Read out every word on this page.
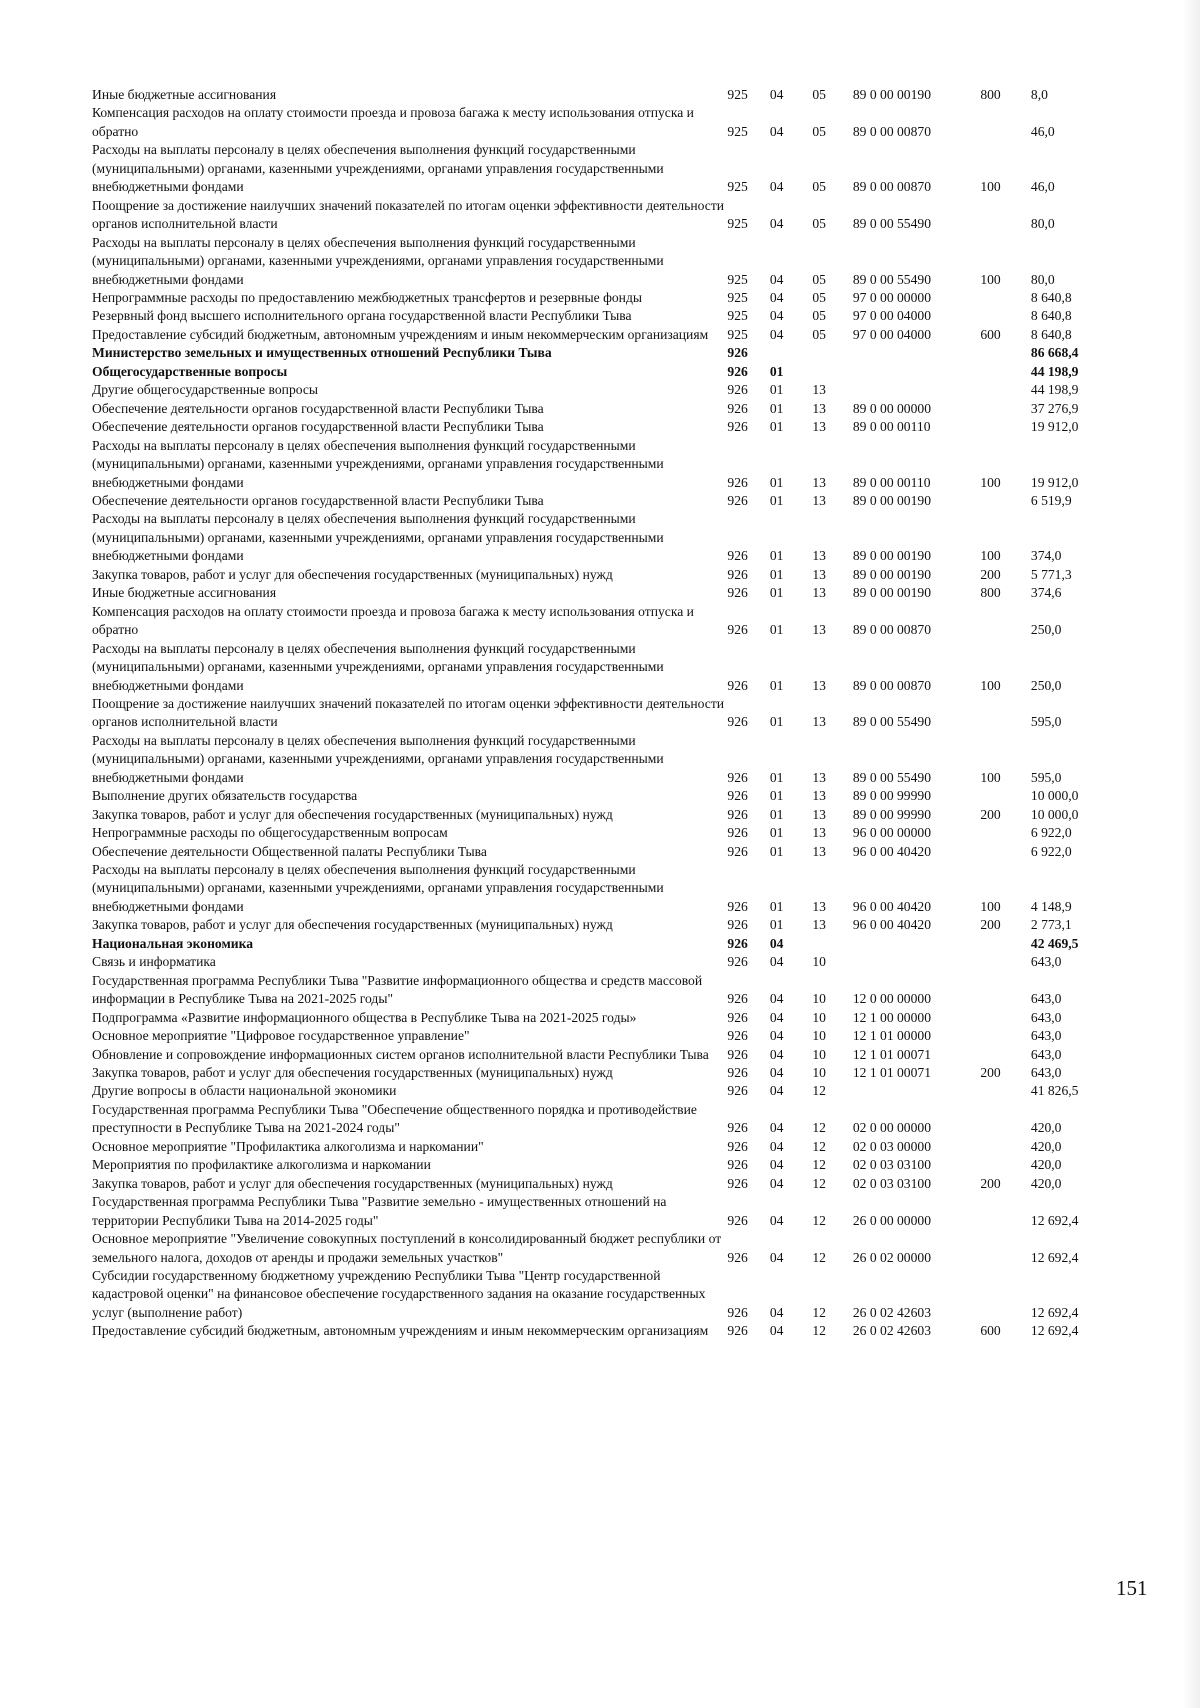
Иные бюджетные ассигнования	925	04	05	89 0 00 00190	800	8,0
Компенсация расходов на оплату стоимости проезда и провоза багажа к месту использования отпуска и обратно	925	04	05	89 0 00 00870		46,0
Расходы на выплаты персоналу в целях обеспечения выполнения функций государственными (муниципальными) органами, казенными учреждениями, органами управления государственными внебюджетными фондами	925	04	05	89 0 00 00870	100	46,0
Поощрение за достижение наилучших значений показателей по итогам оценки эффективности деятельности органов исполнительной власти	925	04	05	89 0 00 55490		80,0
Расходы на выплаты персоналу в целях обеспечения выполнения функций государственными (муниципальными) органами, казенными учреждениями, органами управления государственными внебюджетными фондами	925	04	05	89 0 00 55490	100	80,0
Непрограммные расходы по предоставлению межбюджетных трансфертов и резервные фонды	925	04	05	97 0 00 00000		8 640,8
Резервный фонд высшего исполнительного органа государственной власти Республики Тыва	925	04	05	97 0 00 04000		8 640,8
Предоставление субсидий бюджетным, автономным учреждениям и иным некоммерческим организациям	925	04	05	97 0 00 04000	600	8 640,8
Министерство земельных и имущественных отношений Республики Тыва	926					86 668,4
Общегосударственные вопросы	926	01				44 198,9
Другие общегосударственные вопросы	926	01	13			44 198,9
Обеспечение деятельности органов государственной власти Республики Тыва	926	01	13	89 0 00 00000		37 276,9
Обеспечение деятельности органов государственной власти Республики Тыва	926	01	13	89 0 00 00110		19 912,0
Расходы на выплаты персоналу в целях обеспечения выполнения функций государственными (муниципальными) органами, казенными учреждениями, органами управления государственными внебюджетными фондами	926	01	13	89 0 00 00110	100	19 912,0
Обеспечение деятельности органов государственной власти Республики Тыва	926	01	13	89 0 00 00190		6 519,9
Расходы на выплаты персоналу в целях обеспечения выполнения функций государственными (муниципальными) органами, казенными учреждениями, органами управления государственными внебюджетными фондами	926	01	13	89 0 00 00190	100	374,0
Закупка товаров, работ и услуг для обеспечения государственных (муниципальных) нужд	926	01	13	89 0 00 00190	200	5 771,3
Иные бюджетные ассигнования	926	01	13	89 0 00 00190	800	374,6
Компенсация расходов на оплату стоимости проезда и провоза багажа к месту использования отпуска и обратно	926	01	13	89 0 00 00870		250,0
Расходы на выплаты персоналу в целях обеспечения выполнения функций государственными (муниципальными) органами, казенными учреждениями, органами управления государственными внебюджетными фондами	926	01	13	89 0 00 00870	100	250,0
Поощрение за достижение наилучших значений показателей по итогам оценки эффективности деятельности органов исполнительной власти	926	01	13	89 0 00 55490		595,0
Расходы на выплаты персоналу в целях обеспечения выполнения функций государственными (муниципальными) органами, казенными учреждениями, органами управления государственными внебюджетными фондами	926	01	13	89 0 00 55490	100	595,0
Выполнение других обязательств государства	926	01	13	89 0 00 99990		10 000,0
Закупка товаров, работ и услуг для обеспечения государственных (муниципальных) нужд	926	01	13	89 0 00 99990	200	10 000,0
Непрограммные расходы по общегосударственным вопросам	926	01	13	96 0 00 00000		6 922,0
Обеспечение деятельности Общественной палаты Республики Тыва	926	01	13	96 0 00 40420		6 922,0
Расходы на выплаты персоналу в целях обеспечения выполнения функций государственными (муниципальными) органами, казенными учреждениями, органами управления государственными внебюджетными фондами	926	01	13	96 0 00 40420	100	4 148,9
Закупка товаров, работ и услуг для обеспечения государственных (муниципальных) нужд	926	01	13	96 0 00 40420	200	2 773,1
Национальная экономика	926	04				42 469,5
Связь и информатика	926	04	10			643,0
Государственная программа Республики Тыва "Развитие информационного общества и средств массовой информации в Республике Тыва на 2021-2025 годы"	926	04	10	12 0 00 00000		643,0
Подпрограмма «Развитие информационного общества в Республике Тыва на 2021-2025 годы»	926	04	10	12 1 00 00000		643,0
Основное мероприятие "Цифровое государственное управление"	926	04	10	12 1 01 00000		643,0
Обновление и сопровождение информационных систем органов исполнительной власти Республики Тыва	926	04	10	12 1 01 00071		643,0
Закупка товаров, работ и услуг для обеспечения государственных (муниципальных) нужд	926	04	10	12 1 01 00071	200	643,0
Другие вопросы в области национальной экономики	926	04	12			41 826,5
Государственная программа Республики Тыва "Обеспечение общественного порядка и противодействие преступности в Республике Тыва на 2021-2024 годы"	926	04	12	02 0 00 00000		420,0
Основное мероприятие "Профилактика алкоголизма и наркомании"	926	04	12	02 0 03 00000		420,0
Мероприятия по профилактике алкоголизма и наркомании	926	04	12	02 0 03 03100		420,0
Закупка товаров, работ и услуг для обеспечения государственных (муниципальных) нужд	926	04	12	02 0 03 03100	200	420,0
Государственная программа Республики Тыва "Развитие земельно - имущественных отношений на территории Республики Тыва на 2014-2025 годы"	926	04	12	26 0 00 00000		12 692,4
Основное мероприятие "Увеличение совокупных поступлений в консолидированный бюджет республики от земельного налога, доходов от аренды и продажи земельных участков"	926	04	12	26 0 02 00000		12 692,4
Субсидии государственному бюджетному учреждению Республики Тыва "Центр государственной кадастровой оценки" на финансовое обеспечение государственного задания на оказание государственных услуг (выполнение работ)	926	04	12	26 0 02 42603		12 692,4
Предоставление субсидий бюджетным, автономным учреждениям и иным некоммерческим организациям	926	04	12	26 0 02 42603	600	12 692,4
151
